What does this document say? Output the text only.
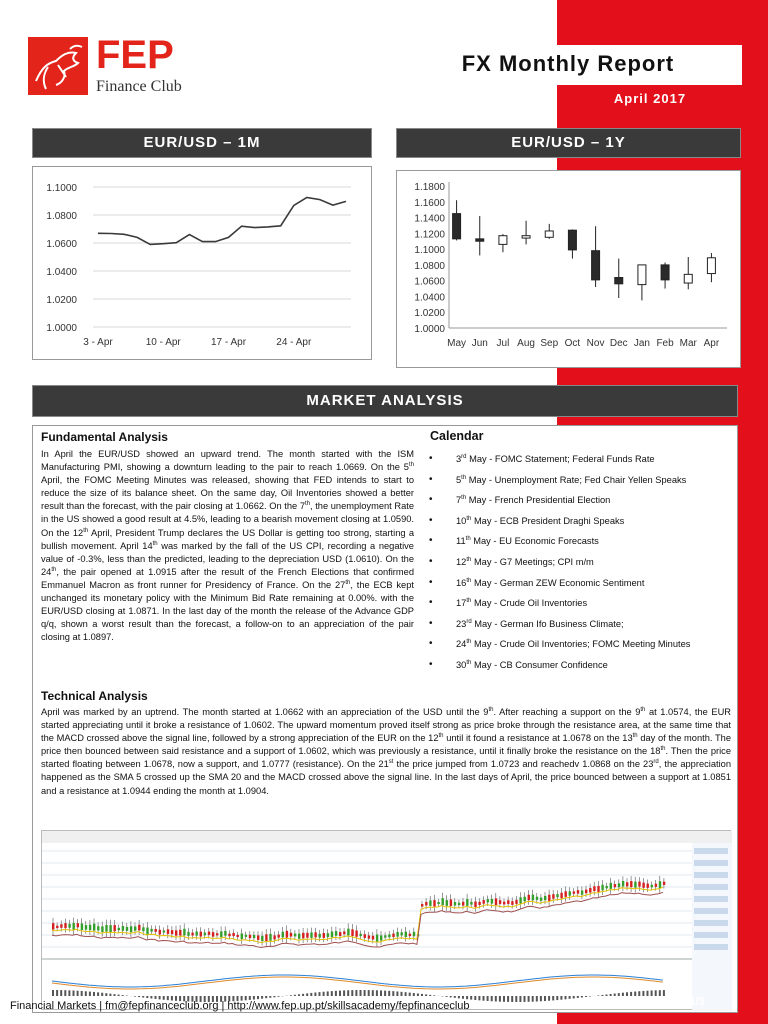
FEP
Finance Club
FX Monthly Report
April 2017
EUR/USD – 1M	EUR/USD – 1Y
1.0000
1.0200
1.0400
1.0600
1.0800
1.1000
3 - Apr	10 - Apr	17 - Apr	24 - Apr
1.0000
1.0200
1.0400
1.0600
1.0800
1.1000
1.1200
1.1400
1.1600
1.1800
May Jun Jul Aug Sep Oct Nov Dec Jan Feb Mar Apr
MARKET ANALYSIS
Fundamental Analysis
In April the EUR/USD showed an upward trend. The month started with the ISM Manufacturing PMI, showing a downturn leading to the pair to reach 1.0669. On the 5th April, the FOMC Meeting Minutes was released, showing that FED intends to start to reduce the size of its balance sheet. On the same day, Oil Inventories showed a better result than the forecast, with the pair closing at 1.0662. On the 7th, the unemployment Rate in the US showed a good result at 4.5%, leading to a bearish movement closing at 1.0590. On the 12th April, President Trump declares the US Dollar is getting too strong, starting a bullish movement. April 14th was marked by the fall of the US CPI, recording a negative value of -0.3%, less than the predicted, leading to the depreciation USD (1.0610). On the 24th, the pair opened at 1.0915 after the result of the French Elections that confirmed Emmanuel Macron as front runner for Presidency of France. On the 27th, the ECB kept unchanged its monetary policy with the Minimum Bid Rate remaining at 0.00%. with the EUR/USD closing at 1.0871. In the last day of the month the release of the Advance GDP q/q, shown a worst result than the forecast, a follow-on to an appreciation of the pair closing at 1.0897.
Calendar
•	3rd May - FOMC Statement; Federal Funds Rate
•	5th May - Unemployment Rate; Fed Chair Yellen Speaks
•	7th May - French Presidential Election
•	10th May - ECB President Draghi Speaks
•	11th May - EU Economic Forecasts
•	12th May - G7 Meetings; CPI m/m
•	16th May - German ZEW Economic Sentiment
•	17th May - Crude Oil Inventories
•	23rd May - German Ifo Business Climate;
•	24th May - Crude Oil Inventories; FOMC Meeting Minutes
•	30th May - CB Consumer Confidence
Technical Analysis
April was marked by an uptrend. The month started at 1.0662 with an appreciation of the USD until the 9th. After reaching a support on the 9th at 1.0574, the EUR started appreciating until it broke a resistance of 1.0602. The upward momentum proved itself strong as price broke through the resistance area, at the same time that the MACD crossed above the signal line, followed by a strong appreciation of the EUR on the 12th until it found a resistance at 1.0678 on the 13th day of the month. The price then bounced between said resistance and a support of 1.0602, which was previously a resistance, until it finally broke the resistance on the 18th. Then the price started floating between 1.0678, now a support, and 1.0777 (resistance). On the 21st the price jumped from 1.0723 and reachedv 1.0868 on the 23rd, the appreciation happened as the SMA 5 crossed up the SMA 20 and the MACD crossed above the signal line. In the last days of April, the price bounced between a support at 1.0851 and a resistance at 1.0944 ending the month at 1.0904.
Financial Markets | fm@fepfinanceclub.org | http://www.fep.up.pt/skillsacademy/fepfinanceclub	Page 1/3
